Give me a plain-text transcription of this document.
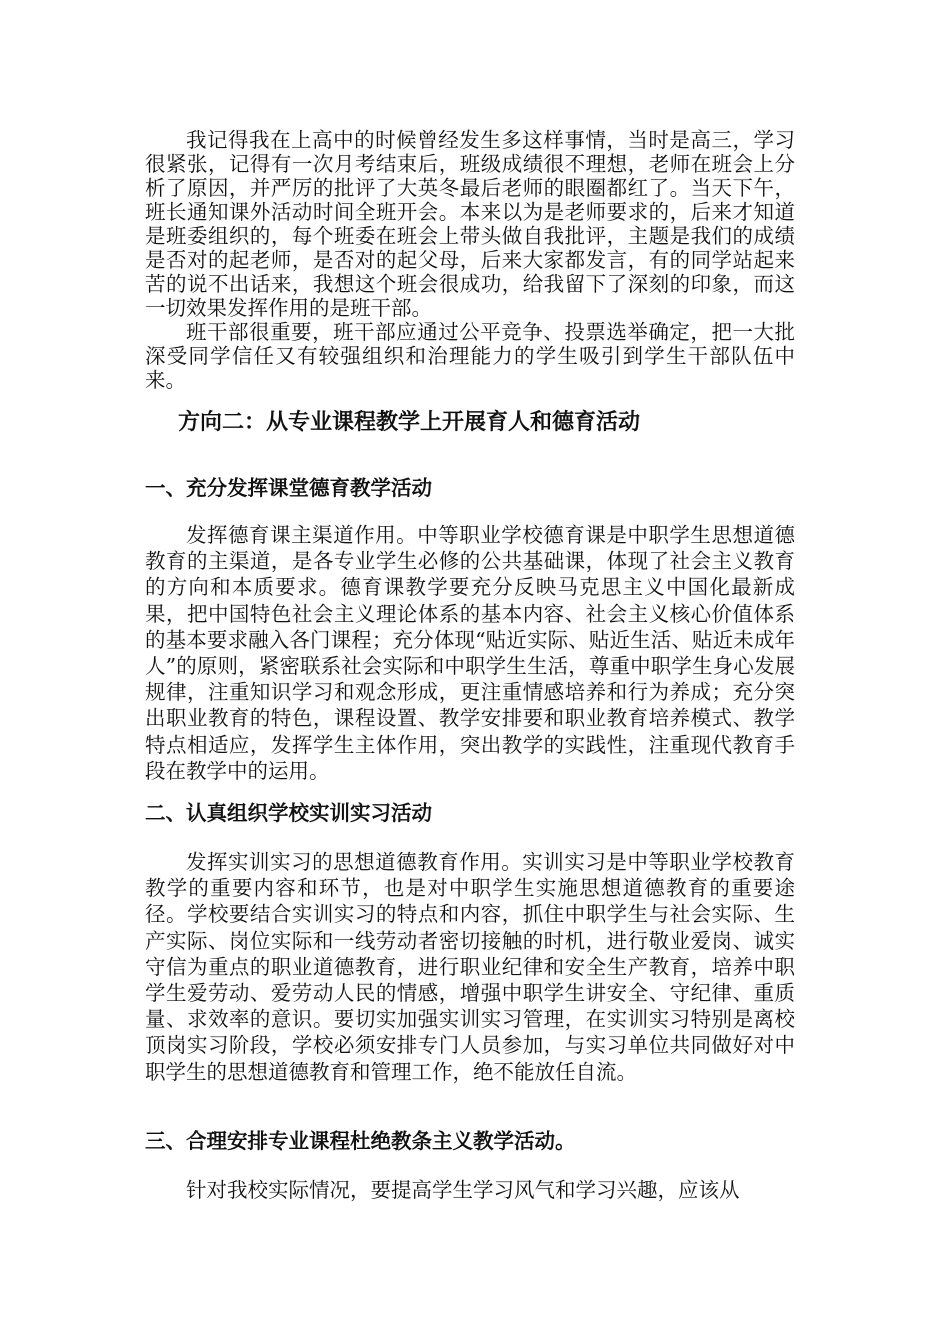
我记得我在上高中的时候曾经发生多这样事情，当时是高三，学习很紧张，记得有一次月考结束后，班级成绩很不理想，老师在班会上分析了原因，并严厉的批评了大英冬最后老师的眼圈都红了。当天下午，班长通知课外活动时间全班开会。本来以为是老师要求的，后来才知道是班委组织的，每个班委在班会上带头做自我批评，主题是我们的成绩是否对的起老师，是否对的起父母，后来大家都发言，有的同学站起来苦的说不出话来，我想这个班会很成功，给我留下了深刻的印象，而这一切效果发挥作用的是班干部。

班干部很重要，班干部应通过公平竞争、投票选举确定，把一大批深受同学信任又有较强组织和治理能力的学生吸引到学生干部队伍中来。

方向二：从专业课程教学上开展育人和德育活动
一、充分发挥课堂德育教学活动

发挥德育课主渠道作用。中等职业学校德育课是中职学生思想道德教育的主渠道，是各专业学生必修的公共基础课，体现了社会主义教育的方向和本质要求。德育课教学要充分反映马克思主义中国化最新成果，把中国特色社会主义理论体系的基本内容、社会主义核心价值体系的基本要求融入各门课程；充分体现“贴近实际、贴近生活、贴近未成年人”的原则，紧密联系社会实际和中职学生生活，尊重中职学生身心发展规律，注重知识学习和观念形成，更注重情感培养和行为养成；充分突出职业教育的特色，课程设置、教学安排要和职业教育培养模式、教学特点相适应，发挥学生主体作用，突出教学的实践性，注重现代教育手段在教学中的运用。

二、认真组织学校实训实习活动

发挥实训实习的思想道德教育作用。实训实习是中等职业学校教育教学的重要内容和环节，也是对中职学生实施思想道德教育的重要途径。学校要结合实训实习的特点和内容，抓住中职学生与社会实际、生产实际、岗位实际和一线劳动者密切接触的时机，进行敬业爱岗、诚实守信为重点的职业道德教育，进行职业纪律和安全生产教育，培养中职学生爱劳动、爱劳动人民的情感，增强中职学生讲安全、守纪律、重质量、求效率的意识。要切实加强实训实习管理，在实训实习特别是离校顶岗实习阶段，学校必须安排专门人员参加，与实习单位共同做好对中职学生的思想道德教育和管理工作，绝不能放任自流。

三、合理安排专业课程杜绝教条主义教学活动。

针对我校实际情况，要提高学生学习风气和学习兴趣，应该从
